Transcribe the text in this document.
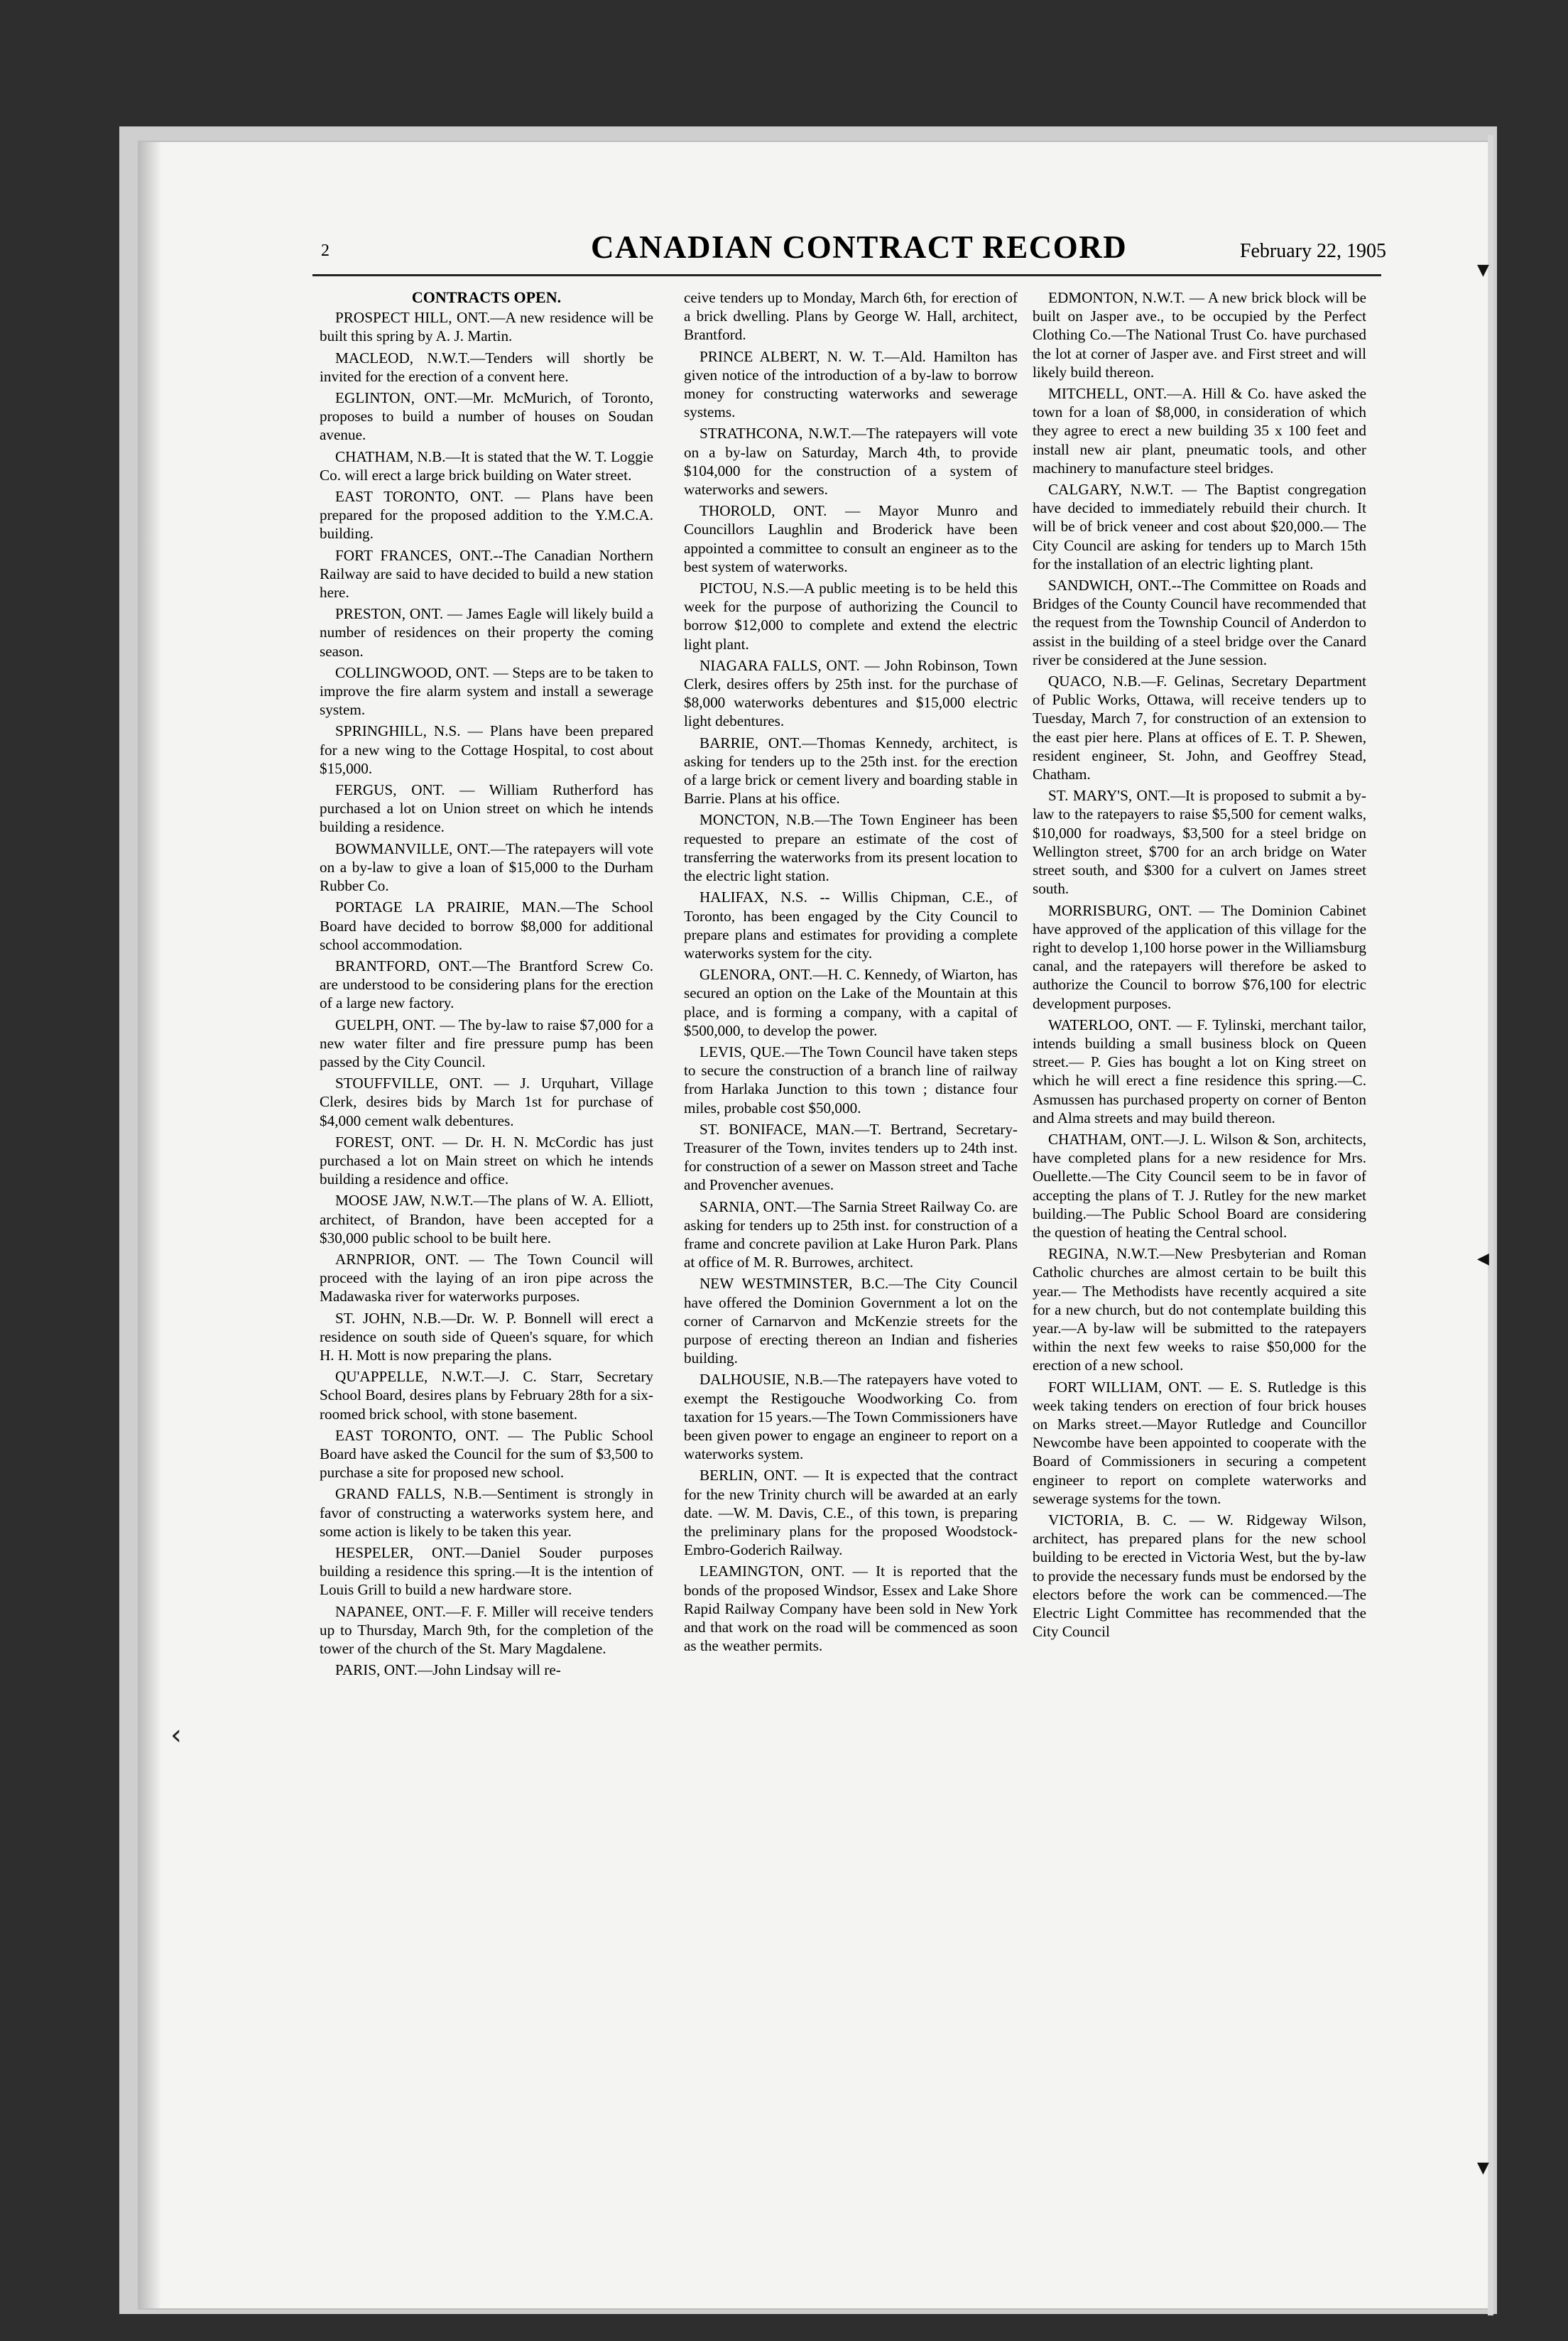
2	CANADIAN CONTRACT RECORD	February 22, 1905
CONTRACTS OPEN.

PROSPECT HILL, ONT.—A new residence will be built this spring by A. J. Martin.

MACLEOD, N.W.T.—Tenders will shortly be invited for the erection of a convent here.

EGLINTON, ONT.—Mr. McMurich, of Toronto, proposes to build a number of houses on Soudan avenue.

CHATHAM, N.B.—It is stated that the W. T. Loggie Co. will erect a large brick building on Water street.

EAST TORONTO, ONT. — Plans have been prepared for the proposed addition to the Y.M.C.A. building.

FORT FRANCES, ONT.--The Canadian Northern Railway are said to have decided to build a new station here.

PRESTON, ONT. — James Eagle will likely build a number of residences on their property the coming season.

COLLINGWOOD, ONT. — Steps are to be taken to improve the fire alarm system and install a sewerage system.

SPRINGHILL, N.S. — Plans have been prepared for a new wing to the Cottage Hospital, to cost about $15,000.

FERGUS, ONT. — William Rutherford has purchased a lot on Union street on which he intends building a residence.

BOWMANVILLE, ONT.—The ratepayers will vote on a by-law to give a loan of $15,000 to the Durham Rubber Co.

PORTAGE LA PRAIRIE, MAN.—The School Board have decided to borrow $8,000 for additional school accommodation.

BRANTFORD, ONT.—The Brantford Screw Co. are understood to be considering plans for the erection of a large new factory.

GUELPH, ONT. — The by-law to raise $7,000 for a new water filter and fire pressure pump has been passed by the City Council.

STOUFFVILLE, ONT. — J. Urquhart, Village Clerk, desires bids by March 1st for purchase of $4,000 cement walk debentures.

FOREST, ONT. — Dr. H. N. McCordic has just purchased a lot on Main street on which he intends building a residence and office.

MOOSE JAW, N.W.T.—The plans of W. A. Elliott, architect, of Brandon, have been accepted for a $30,000 public school to be built here.

ARNPRIOR, ONT. — The Town Council will proceed with the laying of an iron pipe across the Madawaska river for waterworks purposes.

ST. JOHN, N.B.—Dr. W. P. Bonnell will erect a residence on south side of Queen's square, for which H. H. Mott is now preparing the plans.

QU'APPELLE, N.W.T.—J. C. Starr, Secretary School Board, desires plans by February 28th for a six-roomed brick school, with stone basement.

EAST TORONTO, ONT. — The Public School Board have asked the Council for the sum of $3,500 to purchase a site for proposed new school.

GRAND FALLS, N.B.—Sentiment is strongly in favor of constructing a waterworks system here, and some action is likely to be taken this year.

HESPELER, ONT.—Daniel Souder purposes building a residence this spring.—It is the intention of Louis Grill to build a new hardware store.

NAPANEE, ONT.—F. F. Miller will receive tenders up to Thursday, March 9th, for the completion of the tower of the church of the St. Mary Magdalene.

PARIS, ONT.—John Lindsay will re-

ceive tenders up to Monday, March 6th, for erection of a brick dwelling. Plans by George W. Hall, architect, Brantford.

PRINCE ALBERT, N. W. T.—Ald. Hamilton has given notice of the introduction of a by-law to borrow money for constructing waterworks and sewerage systems.

STRATHCONA, N.W.T.—The ratepayers will vote on a by-law on Saturday, March 4th, to provide $104,000 for the construction of a system of waterworks and sewers.

THOROLD, ONT. — Mayor Munro and Councillors Laughlin and Broderick have been appointed a committee to consult an engineer as to the best system of waterworks.

PICTOU, N.S.—A public meeting is to be held this week for the purpose of authorizing the Council to borrow $12,000 to complete and extend the electric light plant.

NIAGARA FALLS, ONT. — John Robinson, Town Clerk, desires offers by 25th inst. for the purchase of $8,000 waterworks debentures and $15,000 electric light debentures.

BARRIE, ONT.—Thomas Kennedy, architect, is asking for tenders up to the 25th inst. for the erection of a large brick or cement livery and boarding stable in Barrie. Plans at his office.

MONCTON, N.B.—The Town Engineer has been requested to prepare an estimate of the cost of transferring the waterworks from its present location to the electric light station.

HALIFAX, N.S. -- Willis Chipman, C.E., of Toronto, has been engaged by the City Council to prepare plans and estimates for providing a complete waterworks system for the city.

GLENORA, ONT.—H. C. Kennedy, of Wiarton, has secured an option on the Lake of the Mountain at this place, and is forming a company, with a capital of $500,000, to develop the power.

LEVIS, QUE.—The Town Council have taken steps to secure the construction of a branch line of railway from Harlaka Junction to this town ; distance four miles, probable cost $50,000.

ST. BONIFACE, MAN.—T. Bertrand, Secretary-Treasurer of the Town, invites tenders up to 24th inst. for construction of a sewer on Masson street and Tache and Provencher avenues.

SARNIA, ONT.—The Sarnia Street Railway Co. are asking for tenders up to 25th inst. for construction of a frame and concrete pavilion at Lake Huron Park. Plans at office of M. R. Burrowes, architect.

NEW WESTMINSTER, B.C.—The City Council have offered the Dominion Government a lot on the corner of Carnarvon and McKenzie streets for the purpose of erecting thereon an Indian and fisheries building.

DALHOUSIE, N.B.—The ratepayers have voted to exempt the Restigouche Woodworking Co. from taxation for 15 years.—The Town Commissioners have been given power to engage an engineer to report on a waterworks system.

BERLIN, ONT. — It is expected that the contract for the new Trinity church will be awarded at an early date. —W. M. Davis, C.E., of this town, is preparing the preliminary plans for the proposed Woodstock-Embro-Goderich Railway.

LEAMINGTON, ONT. — It is reported that the bonds of the proposed Windsor, Essex and Lake Shore Rapid Railway Company have been sold in New York and that work on the road will be commenced as soon as the weather permits.

EDMONTON, N.W.T. — A new brick block will be built on Jasper ave., to be occupied by the Perfect Clothing Co.—The National Trust Co. have purchased the lot at corner of Jasper ave. and First street and will likely build thereon.

MITCHELL, ONT.—A. Hill & Co. have asked the town for a loan of $8,000, in consideration of which they agree to erect a new building 35 x 100 feet and install new air plant, pneumatic tools, and other machinery to manufacture steel bridges.

CALGARY, N.W.T. — The Baptist congregation have decided to immediately rebuild their church. It will be of brick veneer and cost about $20,000.— The City Council are asking for tenders up to March 15th for the installation of an electric lighting plant.

SANDWICH, ONT.--The Committee on Roads and Bridges of the County Council have recommended that the request from the Township Council of Anderdon to assist in the building of a steel bridge over the Canard river be considered at the June session.

QUACO, N.B.—F. Gelinas, Secretary Department of Public Works, Ottawa, will receive tenders up to Tuesday, March 7, for construction of an extension to the east pier here. Plans at offices of E. T. P. Shewen, resident engineer, St. John, and Geoffrey Stead, Chatham.

ST. MARY'S, ONT.—It is proposed to submit a by-law to the ratepayers to raise $5,500 for cement walks, $10,000 for roadways, $3,500 for a steel bridge on Wellington street, $700 for an arch bridge on Water street south, and $300 for a culvert on James street south.

MORRISBURG, ONT. — The Dominion Cabinet have approved of the application of this village for the right to develop 1,100 horse power in the Williamsburg canal, and the ratepayers will therefore be asked to authorize the Council to borrow $76,100 for electric development purposes.

WATERLOO, ONT. — F. Tylinski, merchant tailor, intends building a small business block on Queen street.— P. Gies has bought a lot on King street on which he will erect a fine residence this spring.—C. Asmussen has purchased property on corner of Benton and Alma streets and may build thereon.

CHATHAM, ONT.—J. L. Wilson & Son, architects, have completed plans for a new residence for Mrs. Ouellette.—The City Council seem to be in favor of accepting the plans of T. J. Rutley for the new market building.—The Public School Board are considering the question of heating the Central school.

REGINA, N.W.T.—New Presbyterian and Roman Catholic churches are almost certain to be built this year.— The Methodists have recently acquired a site for a new church, but do not contemplate building this year.—A by-law will be submitted to the ratepayers within the next few weeks to raise $50,000 for the erection of a new school.

FORT WILLIAM, ONT. — E. S. Rutledge is this week taking tenders on erection of four brick houses on Marks street.—Mayor Rutledge and Councillor Newcombe have been appointed to cooperate with the Board of Commissioners in securing a competent engineer to report on complete waterworks and sewerage systems for the town.

VICTORIA, B. C. — W. Ridgeway Wilson, architect, has prepared plans for the new school building to be erected in Victoria West, but the by-law to provide the necessary funds must be endorsed by the electors before the work can be commenced.—The Electric Light Committee has recommended that the City Council

▼
◀
▼
‹
